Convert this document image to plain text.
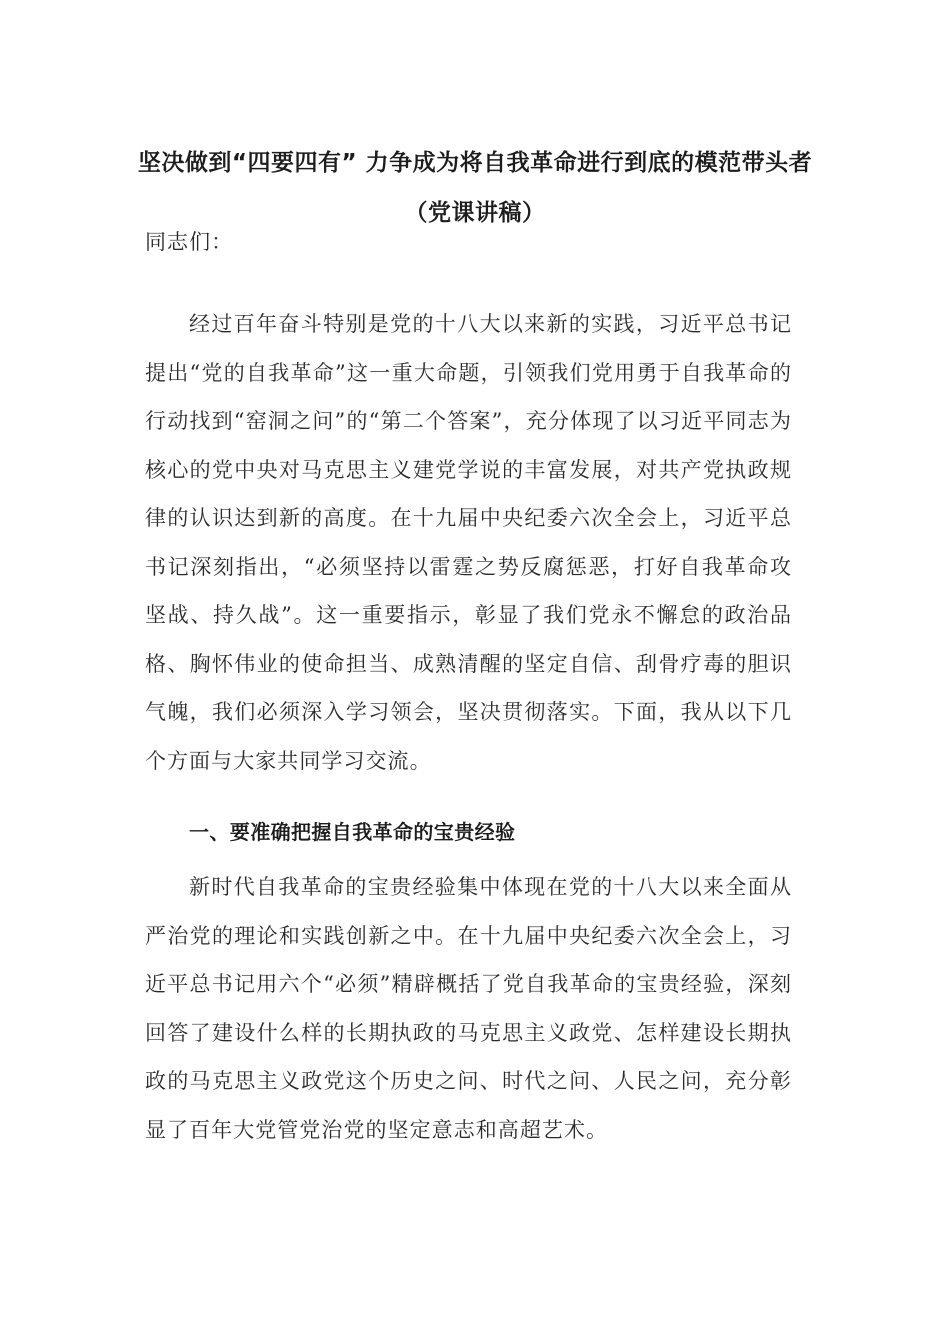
坚决做到“四要四有” 力争成为将自我革命进行到底的模范带头者（党课讲稿）

同志们：

经过百年奋斗特别是党的十八大以来新的实践，习近平总书记提出“党的自我革命”这一重大命题，引领我们党用勇于自我革命的行动找到“窑洞之问”的“第二个答案”，充分体现了以习近平同志为核心的党中央对马克思主义建党学说的丰富发展，对共产党执政规律的认识达到新的高度。在十九届中央纪委六次全会上，习近平总书记深刻指出，“必须坚持以雷霆之势反腐惩恶，打好自我革命攻坚战、持久战”。这一重要指示，彰显了我们党永不懈怠的政治品格、胸怀伟业的使命担当、成熟清醒的坚定自信、刮骨疗毒的胆识气魄，我们必须深入学习领会，坚决贯彻落实。下面，我从以下几个方面与大家共同学习交流。

一、要准确把握自我革命的宝贵经验

新时代自我革命的宝贵经验集中体现在党的十八大以来全面从严治党的理论和实践创新之中。在十九届中央纪委六次全会上，习近平总书记用六个“必须”精辟概括了党自我革命的宝贵经验，深刻回答了建设什么样的长期执政的马克思主义政党、怎样建设长期执政的马克思主义政党这个历史之问、时代之问、人民之问，充分彰显了百年大党管党治党的坚定意志和高超艺术。
